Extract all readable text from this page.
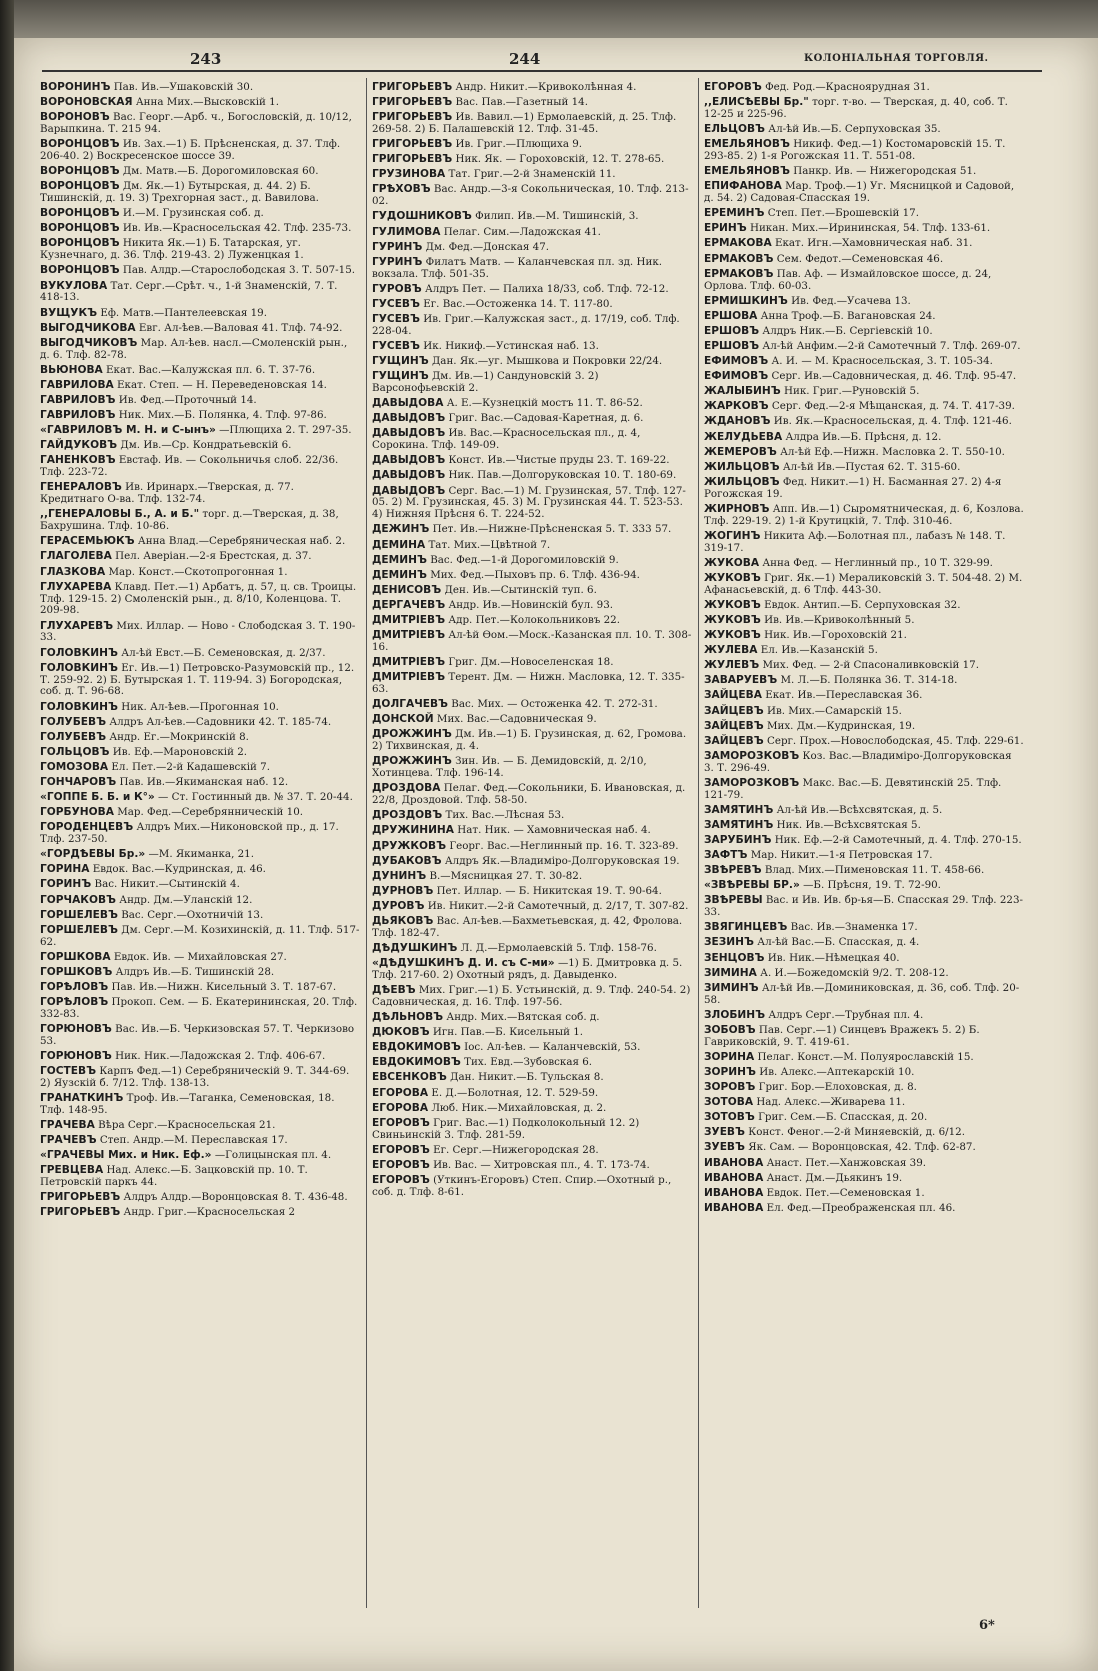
243	244	КОЛОНІАЛЬНАЯ ТОРГОВЛЯ.
ВОРОНИНЪ Пав. Ив.—Ушаковскій 30.
ВОРОНОВСКАЯ Анна Мих.—Высковскій 1.
ВОРОНОВЪ Вас. Георг.—Арб. ч., Богословскій, д. 10/12, Варыпкина. Т. 215 94.
ВОРОНЦОВЪ Ив. Зах.—1) Б. Прѣсненская, д. 37. Тлф. 206-40. 2) Воскресенское шоссе 39.
ВОРОНЦОВЪ Дм. Матв.—Б. Дорогомиловская 60.
ВОРОНЦОВЪ Дм. Як.—1) Бутырская, д. 44. 2) Б. Тишинскій, д. 19. 3) Трехгорная заст., д. Вавилова.
ВОРОНЦОВЪ И.—М. Грузинская соб. д.
ВОРОНЦОВЪ Ив. Ив.—Красносельская 42. Тлф. 235-73.
ВОРОНЦОВЪ Никита Як.—1) Б. Татарская, уг. Кузнечнаго, д. 36. Тлф. 219-43. 2) Луженцкая 1.
ВОРОНЦОВЪ Пав. Алдр.—Старослободская 3. Т. 507-15.
ВУКУЛОВА Тат. Серг.—Срѣт. ч., 1-й Знаменскій, 7. Т. 418-13.
ВУЩУКЪ Еф. Матв.—Пантелеевская 19.
ВЫГОДЧИКОВА Евг. Ал-ѣев.—Валовая 41. Тлф. 74-92.
ВЫГОДЧИКОВЪ Мар. Ал-ѣев. насл.—Смоленскій рын., д. 6. Тлф. 82-78.
ВЬЮНОВА Екат. Вас.—Калужская пл. 6. Т. 37-76.
ГАВРИЛОВА Екат. Степ. — Н. Переведеновская 14.
ГАВРИЛОВЪ Ив. Фед.—Проточный 14.
ГАВРИЛОВЪ Ник. Мих.—Б. Полянка, 4. Тлф. 97-86.
«ГАВРИЛОВЪ М. Н. и С-ынъ» —Плющиха 2. Т. 297-35.
ГАЙДУКОВЪ Дм. Ив.—Ср. Кондратьевскій 6.
ГАНЕНКОВЪ Евстаф. Ив. — Сокольничья слоб. 22/36. Тлф. 223-72.
ГЕНЕРАЛОВЪ Ив. Иринарх.—Тверская, д. 77. Кредитнаго О-ва. Тлф. 132-74.
,,ГЕНЕРАЛОВЫ Б., А. и Б." торг. д.—Тверская, д. 38, Бахрушина. Тлф. 10-86.
ГЕРАСЕМЬЮКЪ Анна Влад.—Серебряническая наб. 2.
ГЛАГОЛЕВА Пел. Аверіан.—2-я Брестская, д. 37.
ГЛАЗКОВА Мар. Конст.—Скотопрогонная 1.
ГЛУХАРЕВА Клавд. Пет.—1) Арбатъ, д. 57, ц. св. Троицы. Тлф. 129-15. 2) Смоленскій рын., д. 8/10, Коленцова. Т. 209-98.
ГЛУХАРЕВЪ Мих. Иллар. — Ново - Слободская 3. Т. 190-33.
ГОЛОВКИНЪ Ал-ѣй Евст.—Б. Семеновская, д. 2/37.
ГОЛОВКИНЪ Ег. Ив.—1) Петровско-Разумовскій пр., 12. Т. 259-92. 2) Б. Бутырская 1. Т. 119-94. 3) Богородская, соб. д. Т. 96-68.
ГОЛОВКИНЪ Ник. Ал-ѣев.—Прогонная 10.
ГОЛУБЕВЪ Алдръ Ал-ѣев.—Садовники 42. Т. 185-74.
ГОЛУБЕВЪ Андр. Ег.—Мокринскій 8.
ГОЛЬЦОВЪ Ив. Еф.—Мароновскій 2.
ГОМОЗОВА Ел. Пет.—2-й Кадашевскій 7.
ГОНЧАРОВЪ Пав. Ив.—Якиманская наб. 12.
«ГОППЕ Б. Б. и К°» — Ст. Гостинный дв. № 37. Т. 20-44.
ГОРБУНОВА Мар. Фед.—Серебрянническій 10.
ГОРОДЕНЦЕВЪ Алдръ Мих.—Никоновской пр., д. 17. Тлф. 237-50.
«ГОРДѢЕВЫ Бр.» —М. Якиманка, 21.
ГОРИНА Евдок. Вас.—Кудринская, д. 46.
ГОРИНЪ Вас. Никит.—Сытинскій 4.
ГОРЧАКОВЪ Андр. Дм.—Уланскій 12.
ГОРШЕЛЕВЪ Вас. Серг.—Охотничій 13.
ГОРШЕЛЕВЪ Дм. Серг.—М. Козихинскій, д. 11. Тлф. 517-62.
ГОРШКОВА Евдок. Ив. — Михайловская 27.
ГОРШКОВЪ Алдръ Ив.—Б. Тишинскій 28.
ГОРѢЛОВЪ Пав. Ив.—Нижн. Кисельный 3. Т. 187-67.
ГОРѢЛОВЪ Прокоп. Сем. — Б. Екатерининская, 20. Тлф. 332-83.
ГОРЮНОВЪ Вас. Ив.—Б. Черкизовская 57. Т. Черкизово 53.
ГОРЮНОВЪ Ник. Ник.—Ладожская 2. Тлф. 406-67.
ГОСТЕВЪ Карпъ Фед.—1) Серебряническій 9. Т. 344-69. 2) Яузскій б. 7/12. Тлф. 138-13.
ГРАНАТКИНЪ Троф. Ив.—Таганка, Семеновская, 18. Тлф. 148-95.
ГРАЧЕВА Вѣра Серг.—Красносельская 21.
ГРАЧЕВЪ Степ. Андр.—М. Переславская 17.
«ГРАЧЕВЫ Мих. и Ник. Еф.» —Голицынская пл. 4.
ГРЕВЦЕВА Над. Алекс.—Б. Зацковскій пр. 10. Т. Петровскій паркъ 44.
ГРИГОРЬЕВЪ Алдръ Алдр.—Воронцовская 8. Т. 436-48.
ГРИГОРЬЕВЪ Андр. Григ.—Красносельская 2
ГРИГОРЬЕВЪ Андр. Никит.—Кривоколѣнная 4.
ГРИГОРЬЕВЪ Вас. Пав.—Газетный 14.
ГРИГОРЬЕВЪ Ив. Вавил.—1) Ермолаевскій, д. 25. Тлф. 269-58. 2) Б. Палашевскій 12. Тлф. 31-45.
ГРИГОРЬЕВЪ Ив. Григ.—Плющиха 9.
ГРИГОРЬЕВЪ Ник. Як. — Гороховскій, 12. Т. 278-65.
ГРУЗИНОВА Тат. Григ.—2-й Знаменскій 11.
ГРѢХОВЪ Вас. Андр.—3-я Сокольническая, 10. Тлф. 213-02.
ГУДОШНИКОВЪ Филип. Ив.—М. Тишинскій, 3.
ГУЛИМОВА Пелаг. Сим.—Ладожская 41.
ГУРИНЪ Дм. Фед.—Донская 47.
ГУРИНЪ Филатъ Матв. — Каланчевская пл. зд. Ник. вокзала. Тлф. 501-35.
ГУРОВЪ Алдръ Пет. — Палиха 18/33, соб. Тлф. 72-12.
ГУСЕВЪ Ег. Вас.—Остоженка 14. Т. 117-80.
ГУСЕВЪ Ив. Григ.—Калужская заст., д. 17/19, соб. Тлф. 228-04.
ГУСЕВЪ Ик. Никиф.—Устинская наб. 13.
ГУЩИНЪ Дан. Як.—уг. Мышкова и Покровки 22/24.
ГУЩИНЪ Дм. Ив.—1) Сандуновскій 3. 2) Варсонофьевскій 2.
ДАВЫДОВА А. Е.—Кузнецкій мостъ 11. Т. 86-52.
ДАВЫДОВЪ Григ. Вас.—Садовая-Каретная, д. 6.
ДАВЫДОВЪ Ив. Вас.—Красносельская пл., д. 4, Сорокина. Тлф. 149-09.
ДАВЫДОВЪ Конст. Ив.—Чистые пруды 23. Т. 169-22.
ДАВЫДОВЪ Ник. Пав.—Долгоруковская 10. Т. 180-69.
ДАВЫДОВЪ Серг. Вас.—1) М. Грузинская, 57. Тлф. 127-05. 2) М. Грузинская, 45. 3) М. Грузинская 44. Т. 523-53. 4) Нижняя Прѣсня 6. Т. 224-52.
ДЕЖИНЪ Пет. Ив.—Нижне-Прѣсненская 5. Т. 333 57.
ДЕМИНА Тат. Мих.—Цвѣтной 7.
ДЕМИНЪ Вас. Фед.—1-й Дорогомиловскій 9.
ДЕМИНЪ Мих. Фед.—Пыховъ пр. 6. Тлф. 436-94.
ДЕНИСОВЪ Ден. Ив.—Сытинскій туп. 6.
ДЕРГАЧЕВЪ Андр. Ив.—Новинскій бул. 93.
ДМИТРІЕВЪ Адр. Пет.—Колокольниковъ 22.
ДМИТРІЕВЪ Ал-ѣй Ѳом.—Моск.-Казанская пл. 10. Т. 308-16.
ДМИТРІЕВЪ Григ. Дм.—Новоселенская 18.
ДМИТРІЕВЪ Терент. Дм. — Нижн. Масловка, 12. Т. 335-63.
ДОЛГАЧЕВЪ Вас. Мих. — Остоженка 42. Т. 272-31.
ДОНСКОЙ Мих. Вас.—Садовническая 9.
ДРОЖЖИНЪ Дм. Ив.—1) Б. Грузинская, д. 62, Громова. 2) Тихвинская, д. 4.
ДРОЖЖИНЪ Зин. Ив. — Б. Демидовскій, д. 2/10, Хотинцева. Тлф. 196-14.
ДРОЗДОВА Пелаг. Фед.—Сокольники, Б. Ивановская, д. 22/8, Дроздовой. Тлф. 58-50.
ДРОЗДОВЪ Тих. Вас.—Лѣсная 53.
ДРУЖИНИНА Нат. Ник. — Хамовническая наб. 4.
ДРУЖКОВЪ Георг. Вас.—Неглинный пр. 16. Т. 323-89.
ДУБАКОВЪ Алдръ Як.—Владиміро-Долгоруковская 19.
ДУНИНЪ В.—Мясницкая 27. Т. 30-82.
ДУРНОВЪ Пет. Иллар. — Б. Никитская 19. Т. 90-64.
ДУРОВЪ Ив. Никит.—2-й Самотечный, д. 2/17, Т. 307-82.
ДЬЯКОВЪ Вас. Ал-ѣев.—Бахметьевская, д. 42, Фролова. Тлф. 182-47.
ДѢДУШКИНЪ Л. Д.—Ермолаевскій 5. Тлф. 158-76.
«ДѢДУШКИНЪ Д. И. съ С-ми» —1) Б. Дмитровка д. 5. Тлф. 217-60. 2) Охотный рядъ, д. Давыденко.
ДѢЕВЪ Мих. Григ.—1) Б. Устьинскій, д. 9. Тлф. 240-54. 2) Садовническая, д. 16. Тлф. 197-56.
ДѢЛЬНОВЪ Андр. Мих.—Вятская соб. д.
ДЮКОВЪ Игн. Пав.—Б. Кисельный 1.
ЕВДОКИМОВЪ Іос. Ал-ѣев. — Каланчевскій, 53.
ЕВДОКИМОВЪ Тих. Евд.—Зубовская 6.
ЕВСЕНКОВЪ Дан. Никит.—Б. Тульская 8.
ЕГОРОВА Е. Д.—Болотная, 12. Т. 529-59.
ЕГОРОВА Люб. Ник.—Михайловская, д. 2.
ЕГОРОВЪ Григ. Вас.—1) Подколокольный 12. 2) Свиньинскій 3. Тлф. 281-59.
ЕГОРОВЪ Ег. Серг.—Нижегородская 28.
ЕГОРОВЪ Ив. Вас. — Хитровская пл., 4. Т. 173-74.
ЕГОРОВЪ (Уткинъ-Егоровъ) Степ. Спир.—Охотный р., соб. д. Тлф. 8-61.
ЕГОРОВЪ Фед. Род.—Красноярудная 31.
,,ЕЛИСѢЕВЫ Бр." торг. т-во. — Тверская, д. 40, соб. Т. 12-25 и 225-96.
ЕЛЬЦОВЪ Ал-ѣй Ив.—Б. Серпуховская 35.
ЕМЕЛЬЯНОВЪ Никиф. Фед.—1) Костомаровскій 15. Т. 293-85. 2) 1-я Рогожская 11. Т. 551-08.
ЕМЕЛЬЯНОВЪ Панкр. Ив. — Нижегородская 51.
ЕПИФАНОВА Мар. Троф.—1) Уг. Мясницкой и Садовой, д. 54. 2) Садовая-Спасская 19.
ЕРЕМИНЪ Степ. Пет.—Брошевскій 17.
ЕРИНЪ Никан. Мих.—Ирининская, 54. Тлф. 133-61.
ЕРМАКОВА Екат. Игн.—Хамовническая наб. 31.
ЕРМАКОВЪ Сем. Федот.—Семеновская 46.
ЕРМАКОВЪ Пав. Аф. — Измайловское шоссе, д. 24, Орлова. Тлф. 60-03.
ЕРМИШКИНЪ Ив. Фед.—Усачева 13.
ЕРШОВА Анна Троф.—Б. Вагановская 24.
ЕРШОВЪ Алдръ Ник.—Б. Сергіевскій 10.
ЕРШОВЪ Ал-ѣй Анфим.—2-й Самотечный 7. Тлф. 269-07.
ЕФИМОВЪ А. И. — М. Красносельская, 3. Т. 105-34.
ЕФИМОВЪ Серг. Ив.—Садовническая, д. 46. Тлф. 95-47.
ЖАЛЫБИНЪ Ник. Григ.—Руновскій 5.
ЖАРКОВЪ Серг. Фед.—2-я Мѣщанская, д. 74. Т. 417-39.
ЖДАНОВЪ Ив. Як.—Красносельская, д. 4. Тлф. 121-46.
ЖЕЛУДЬЕВА Алдра Ив.—Б. Прѣсня, д. 12.
ЖЕМЕРОВЪ Ал-ѣй Еф.—Нижн. Масловка 2. Т. 550-10.
ЖИЛЬЦОВЪ Ал-ѣй Ив.—Пустая 62. Т. 315-60.
ЖИЛЬЦОВЪ Фед. Никит.—1) Н. Басманная 27. 2) 4-я Рогожская 19.
ЖИРНОВЪ Апп. Ив.—1) Сыромятническая, д. 6, Козлова. Тлф. 229-19. 2) 1-й Крутицкій, 7. Тлф. 310-46.
ЖОГИНЪ Никита Аф.—Болотная пл., лабазъ № 148. Т. 319-17.
ЖУКОВА Анна Фед. — Неглинный пр., 10 Т. 329-99.
ЖУКОВЪ Григ. Як.—1) Мераликовскій 3. Т. 504-48. 2) М. Афанасьевскій, д. 6 Тлф. 443-30.
ЖУКОВЪ Евдок. Антип.—Б. Серпуховская 32.
ЖУКОВЪ Ив. Ив.—Кривоколѣнный 5.
ЖУКОВЪ Ник. Ив.—Гороховскій 21.
ЖУЛЕВА Ел. Ив.—Казанскій 5.
ЖУЛЕВЪ Мих. Фед. — 2-й Спасоналивковскій 17.
ЗАВАРУЕВЪ М. Л.—Б. Полянка 36. Т. 314-18.
ЗАЙЦЕВА Екат. Ив.—Переславская 36.
ЗАЙЦЕВЪ Ив. Мих.—Самарскій 15.
ЗАЙЦЕВЪ Мих. Дм.—Кудринская, 19.
ЗАЙЦЕВЪ Серг. Прох.—Новослободская, 45. Тлф. 229-61.
ЗАМОРОЗКОВЪ Коз. Вас.—Владиміро-Долгоруковская 3. Т. 296-49.
ЗАМОРОЗКОВЪ Макс. Вас.—Б. Девятинскій 25. Тлф. 121-79.
ЗАМЯТИНЪ Ал-ѣй Ив.—Всѣхсвятская, д. 5.
ЗАМЯТИНЪ Ник. Ив.—Всѣхсвятская 5.
ЗАРУБИНЪ Ник. Еф.—2-й Самотечный, д. 4. Тлф. 270-15.
ЗАФТЪ Мар. Никит.—1-я Петровская 17.
ЗВѢРЕВЪ Влад. Мих.—Пименовская 11. Т. 458-66.
«ЗВѢРЕВЫ БР.» —Б. Прѣсня, 19. Т. 72-90.
ЗВѢРЕВЫ Вас. и Ив. Ив. бр-ья—Б. Спасская 29. Тлф. 223-33.
ЗВЯГИНЦЕВЪ Вас. Ив.—Знаменка 17.
ЗЕЗИНЪ Ал-ѣй Вас.—Б. Спасская, д. 4.
ЗЕНЦОВЪ Ив. Ник.—Нѣмецкая 40.
ЗИМИНА А. И.—Божедомскій 9/2. Т. 208-12.
ЗИМИНЪ Ал-ѣй Ив.—Доминиковская, д. 36, соб. Тлф. 20-58.
ЗЛОБИНЪ Алдръ Серг.—Трубная пл. 4.
ЗОБОВЪ Пав. Серг.—1) Синцевъ Вражекъ 5. 2) Б. Гавриковскій, 9. Т. 419-61.
ЗОРИНА Пелаг. Конст.—М. Полуярославскій 15.
ЗОРИНЪ Ив. Алекс.—Аптекарскій 10.
ЗОРОВЪ Григ. Бор.—Елоховская, д. 8.
ЗОТОВА Над. Алекс.—Живарева 11.
ЗОТОВЪ Григ. Сем.—Б. Спасская, д. 20.
ЗУЕВЪ Конст. Феног.—2-й Миняевскій, д. 6/12.
ЗУЕВЪ Як. Сам. — Воронцовская, 42. Тлф. 62-87.
ИВАНОВА Анаст. Пет.—Ханжовская 39.
ИВАНОВА Анаст. Дм.—Дьякинъ 19.
ИВАНОВА Евдок. Пет.—Семеновская 1.
ИВАНОВА Ел. Фед.—Преображенская пл. 46.
6*
